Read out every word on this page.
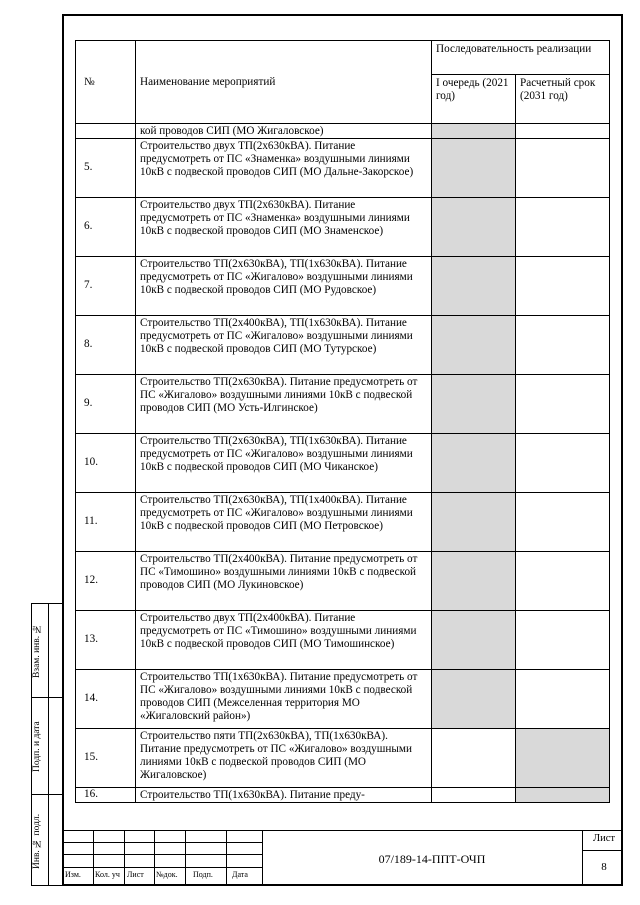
№	Наименование мероприятий	Последовательность реализации	
		I очередь (2021 год)	Расчетный срок (2031 год)
	кой проводов СИП (МО Жигаловское)		
5.	Строительство двух ТП(2х630кВА). Питание предусмотреть от ПС «Знаменка» воздушными линиями 10кВ с подвеской проводов СИП (МО Дальне-Закорское)		
6.	Строительство двух ТП(2х630кВА). Питание предусмотреть от ПС «Знаменка» воздушными линиями 10кВ с подвеской проводов СИП (МО Знаменское)		
7.	Строительство ТП(2х630кВА), ТП(1х630кВА). Питание предусмотреть от ПС «Жигалово» воздушными линиями 10кВ с подвеской проводов СИП (МО Рудовское)		
8.	Строительство ТП(2х400кВА), ТП(1х630кВА). Питание предусмотреть от ПС «Жигалово» воздушными линиями 10кВ с подвеской проводов СИП (МО Тутурское)		
9.	Строительство ТП(2х630кВА). Питание предусмотреть от ПС «Жигалово» воздушными линиями 10кВ с подвеской проводов СИП (МО Усть-Илгинское)		
10.	Строительство ТП(2х630кВА), ТП(1х630кВА). Питание предусмотреть от ПС «Жигалово» воздушными линиями 10кВ с подвеской проводов СИП (МО Чиканское)		
11.	Строительство ТП(2х630кВА), ТП(1х400кВА). Питание предусмотреть от ПС «Жигалово» воздушными линиями 10кВ с подвеской проводов СИП (МО Петровское)		
12.	Строительство ТП(2х400кВА). Питание предусмотреть от ПС «Тимошино» воздушными линиями 10кВ с подвеской проводов СИП (МО Лукиновское)		
13.	Строительство двух ТП(2х400кВА). Питание предусмотреть от ПС «Тимошино» воздушными линиями 10кВ с подвеской проводов СИП (МО Тимошинское)		
14.	Строительство ТП(1х630кВА). Питание предусмотреть от ПС «Жигалово» воздушными линиями 10кВ с подвеской проводов СИП (Межселенная территория МО «Жигаловский район»)		
15.	Строительство пяти ТП(2х630кВА), ТП(1х630кВА). Питание предусмотреть от ПС «Жигалово» воздушными линиями 10кВ с подвеской проводов СИП (МО Жигаловское)		
16.	Строительство ТП(1х630кВА). Питание преду-		
Изм. Кол. уч Лист №док. Подп. Дата
07/189-14-ППТ-ОЧП
Лист
8
Взам. инв. №
Подп. и дата
Инв. № подл.
